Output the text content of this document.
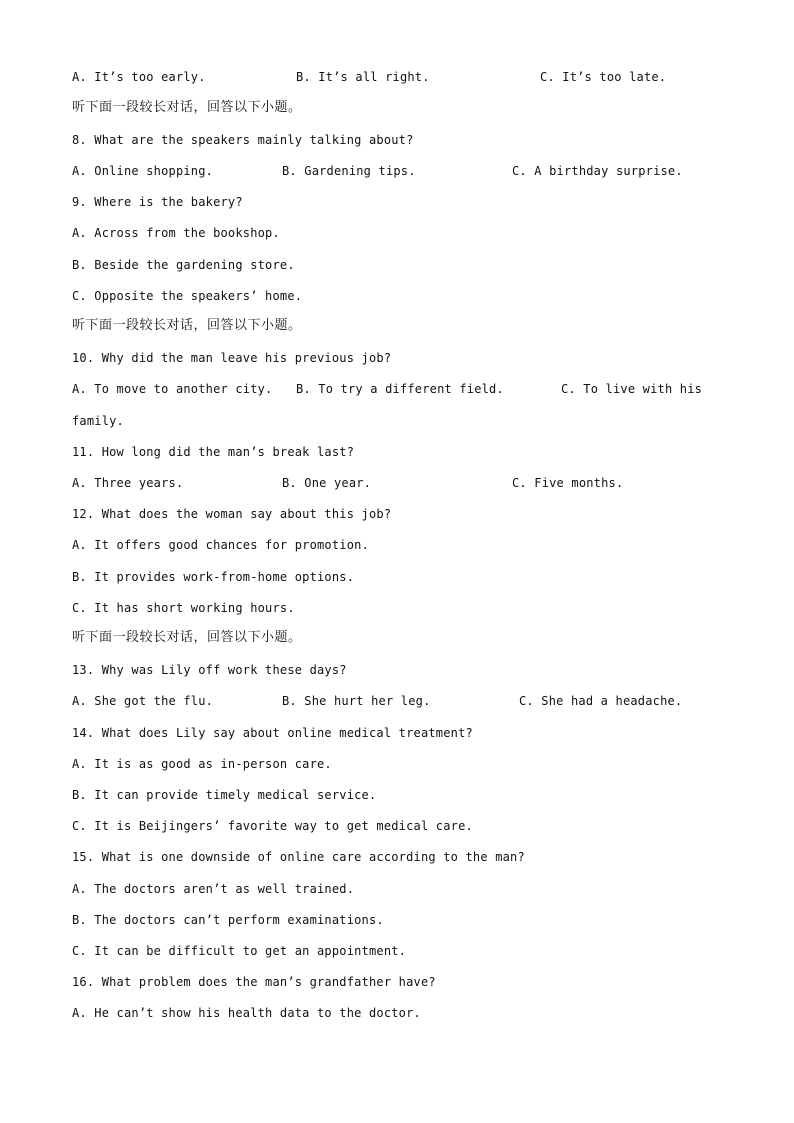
A. It’s too early.	B. It’s all right.	C. It’s too late.
听下面一段较长对话，回答以下小题。
8. What are the speakers mainly talking about?
A. Online shopping.	B. Gardening tips.	C. A birthday surprise.
9. Where is the bakery?
A. Across from the bookshop.
B. Beside the gardening store.
C. Opposite the speakers’ home.
听下面一段较长对话，回答以下小题。
10. Why did the man leave his previous job?
A. To move to another city. B. To try a different field.	C. To live with his
family.
11. How long did the man’s break last?
A. Three years.	B. One year.	C. Five months.
12. What does the woman say about this job?
A. It offers good chances for promotion.
B. It provides work-from-home options.
C. It has short working hours.
听下面一段较长对话，回答以下小题。
13. Why was Lily off work these days?
A. She got the flu.	B. She hurt her leg.	C. She had a headache.
14. What does Lily say about online medical treatment?
A. It is as good as in-person care.
B. It can provide timely medical service.
C. It is Beijingers’ favorite way to get medical care.
15. What is one downside of online care according to the man?
A. The doctors aren’t as well trained.
B. The doctors can’t perform examinations.
C. It can be difficult to get an appointment.
16. What problem does the man’s grandfather have?
A. He can’t show his health data to the doctor.
